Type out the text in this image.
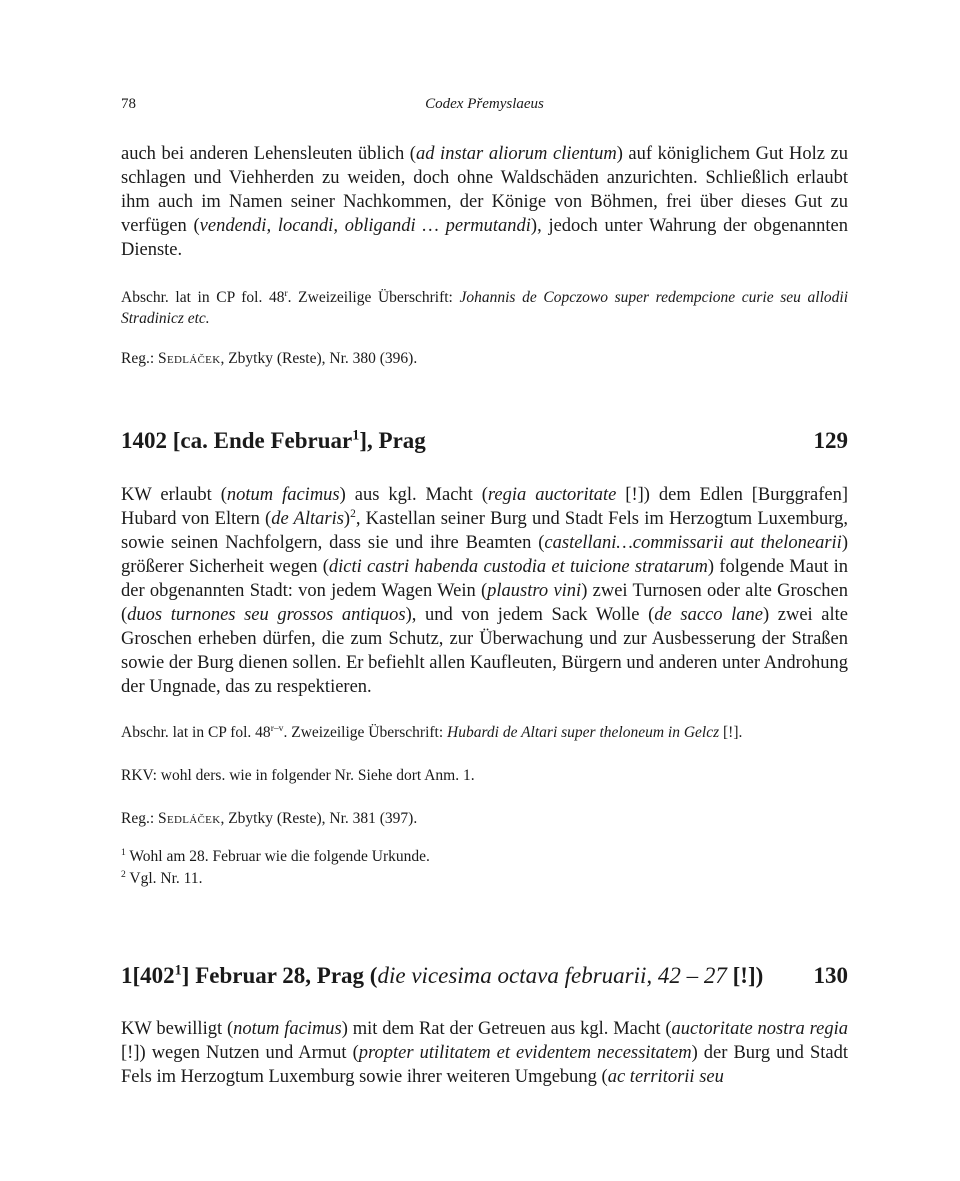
78	Codex Přemyslaeus

auch bei anderen Lehensleuten üblich (ad instar aliorum clientum) auf königlichem Gut Holz zu schlagen und Viehherden zu weiden, doch ohne Waldschäden anzurichten. Schließlich erlaubt ihm auch im Namen seiner Nachkommen, der Könige von Böhmen, frei über dieses Gut zu verfügen (vendendi, locandi, obligandi … permutandi), jedoch unter Wahrung der obgenannten Dienste.

Abschr. lat in CP fol. 48$^r$. Zweizeilige Überschrift: Johannis de Copczowo super redempcione curie seu allodii Stradinicz etc.

Reg.: Sedláček, Zbytky (Reste), Nr. 380 (396).

1402 [ca. Ende Februar$^1$], Prag	129

KW erlaubt (notum facimus) aus kgl. Macht (regia auctoritate [!]) dem Edlen [Burggrafen] Hubard von Eltern (de Altaris)$^2$, Kastellan seiner Burg und Stadt Fels im Herzogtum Luxemburg, sowie seinen Nachfolgern, dass sie und ihre Beamten (castellani…commissarii aut thelonearii) größerer Sicherheit wegen (dicti castri habenda custodia et tuicione stratarum) folgende Maut in der obgenannten Stadt: von jedem Wagen Wein (plaustro vini) zwei Turnosen oder alte Groschen (duos turnones seu grossos antiquos), und von jedem Sack Wolle (de sacco lane) zwei alte Groschen erheben dürfen, die zum Schutz, zur Überwachung und zur Ausbesserung der Straßen sowie der Burg dienen sollen. Er befiehlt allen Kaufleuten, Bürgern und anderen unter Androhung der Ungnade, das zu respektieren.

Abschr. lat in CP fol. 48$^{r-v}$. Zweizeilige Überschrift: Hubardi de Altari super theloneum in Gelcz [!].

RKV: wohl ders. wie in folgender Nr. Siehe dort Anm. 1.

Reg.: Sedláček, Zbytky (Reste), Nr. 381 (397).

$^1$ Wohl am 28. Februar wie die folgende Urkunde.

$^2$ Vgl. Nr. 11.

$1[402^1]$ Februar 28, Prag (die vicesima octava februarii, 42 – 27 [!]) 130

KW bewilligt (notum facimus) mit dem Rat der Getreuen aus kgl. Macht (auctoritate nostra regia [!]) wegen Nutzen und Armut (propter utilitatem et evidentem necessitatem) der Burg und Stadt Fels im Herzogtum Luxemburg sowie ihrer weiteren Umgebung (ac territorii seu
